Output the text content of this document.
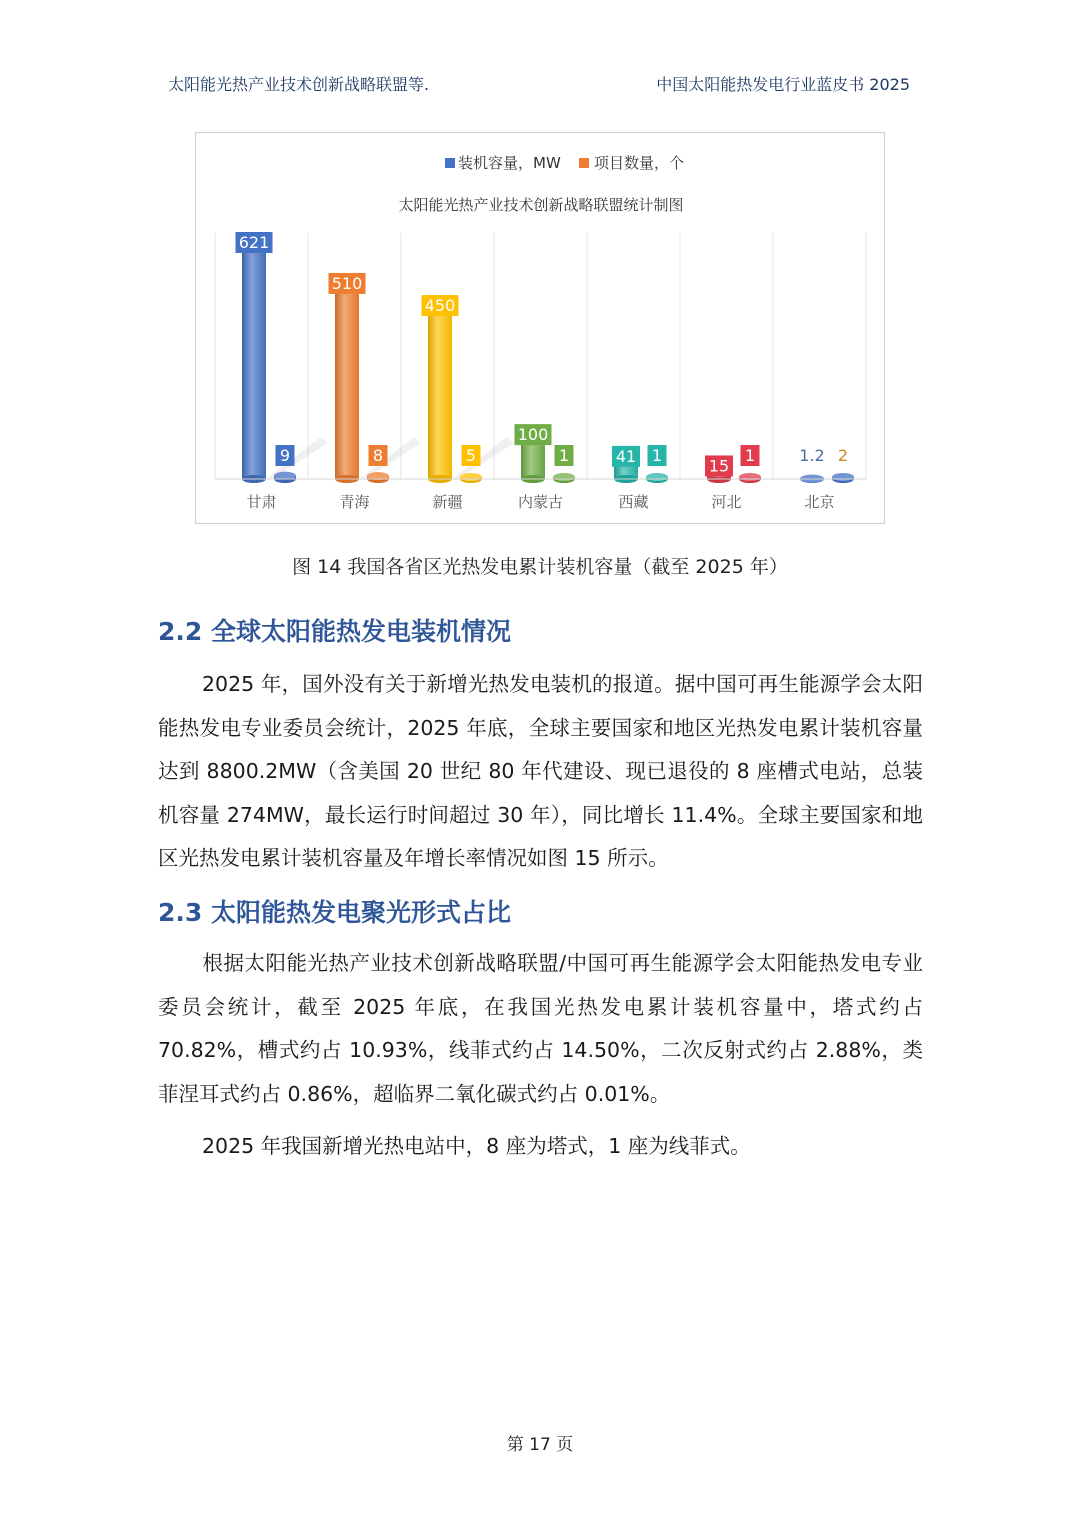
太阳能光热产业技术创新战略联盟等.	中国太阳能热发电行业蓝皮书 2025
621
9
510
8
450
5
100
1	41 1
15
1	1.2 2
甘肃	青海	新疆	内蒙古	西藏	河北	北京
装机容量，MW 项目数量，个
太阳能光热产业技术创新战略联盟统计制图
图 14 我国各省区光热发电累计装机容量（截至 2025 年）
2.2 全球太阳能热发电装机情况
2025 年，国外没有关于新增光热发电装机的报道。据中国可再生能源学会太阳能热发电专业委员会统计，2025 年底，全球主要国家和地区光热发电累计装机容量达到 8800.2MW（含美国 20 世纪 80 年代建设、现已退役的 8 座槽式电站，总装机容量 274MW，最长运行时间超过 30 年），同比增长 11.4%。全球主要国家和地区光热发电累计装机容量及年增长率情况如图 15 所示。
2.3 太阳能热发电聚光形式占比
根据太阳能光热产业技术创新战略联盟/中国可再生能源学会太阳能热发电专业委员会统计，截至 2025 年底，在我国光热发电累计装机容量中，塔式约占 70.82%，槽式约占 10.93%，线菲式约占 14.50%，二次反射式约占 2.88%，类菲涅耳式约占 0.86%，超临界二氧化碳式约占 0.01%。
2025 年我国新增光热电站中，8 座为塔式，1 座为线菲式。
第 17 页
